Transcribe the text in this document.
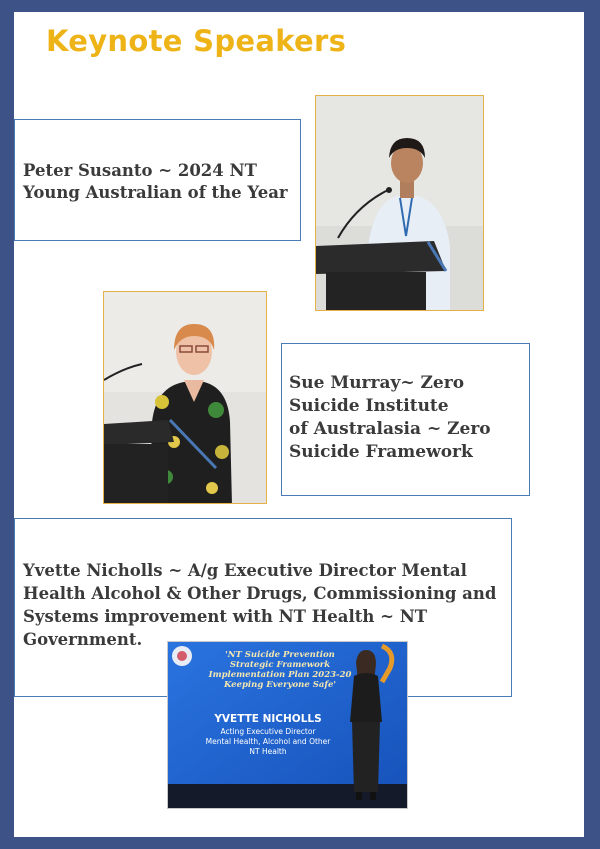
Keynote Speakers
Peter Susanto ~ 2024 NT
Young Australian of the Year
Sue Murray~ Zero
Suicide Institute
of Australasia ~ Zero
Suicide Framework
Yvette Nicholls ~ A/g Executive Director Mental
Health Alcohol & Other Drugs, Commissioning and
Systems improvement with NT Health ~ NT
Government.
'NT Suicide Prevention
Strategic Framework
Implementation Plan 2023-20
Keeping Everyone Safe'
YVETTE NICHOLLS
Acting Executive Director
Mental Health, Alcohol and Other
NT Health
